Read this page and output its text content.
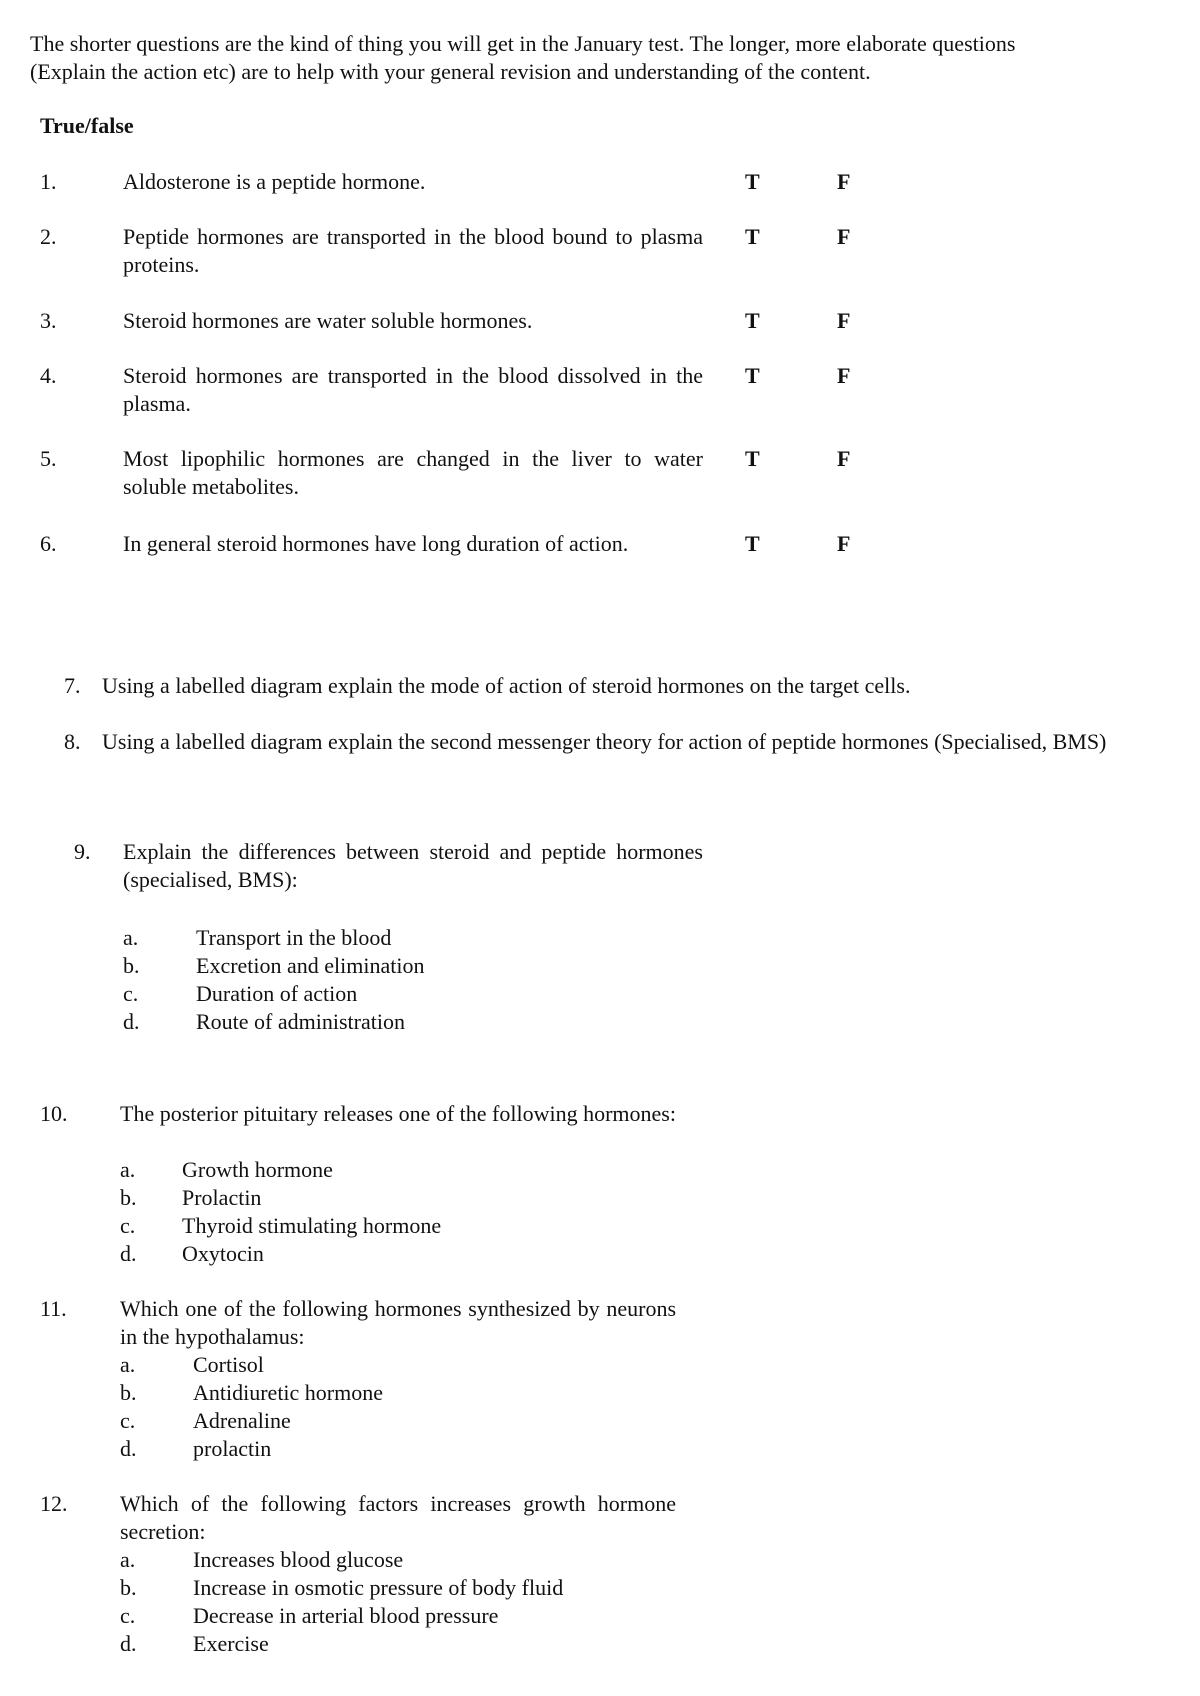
The shorter questions are the kind of thing you will get in the January test. The longer, more elaborate questions

(Explain the action etc) are to help with your general revision and understanding of the content.

True/false
1.	Aldosterone is a peptide hormone.	T	F
2.	Peptide hormones are transported in the blood bound to plasma proteins.
T	F
3.	Steroid hormones are water soluble hormones.	T	F
4.	Steroid hormones are transported in the blood dissolved in the plasma.
T	F
5.	Most lipophilic hormones are changed in the liver to water soluble metabolites.
T	F
6.	In general steroid hormones have long duration of action.	T	F
7. Using a labelled diagram explain the mode of action of steroid hormones on the target cells.
8. Using a labelled diagram explain the second messenger theory for action of peptide hormones (Specialised, BMS)
9. Explain the differences between steroid and peptide hormones (specialised, BMS):
a.	Transport in the blood
b.	Excretion and elimination
c.	Duration of action
d.	Route of administration
10. The posterior pituitary releases one of the following hormones:
a. Growth hormone
b. Prolactin
c. Thyroid stimulating hormone
d. Oxytocin
11. Which one of the following hormones synthesized by neurons in the hypothalamus:
a.	Cortisol
b.	Antidiuretic hormone
c.	Adrenaline
d.	prolactin
12. Which of the following factors increases growth hormone secretion:
a.	Increases blood glucose
b.	Increase in osmotic pressure of body fluid
c.	Decrease in arterial blood pressure
d.	Exercise
